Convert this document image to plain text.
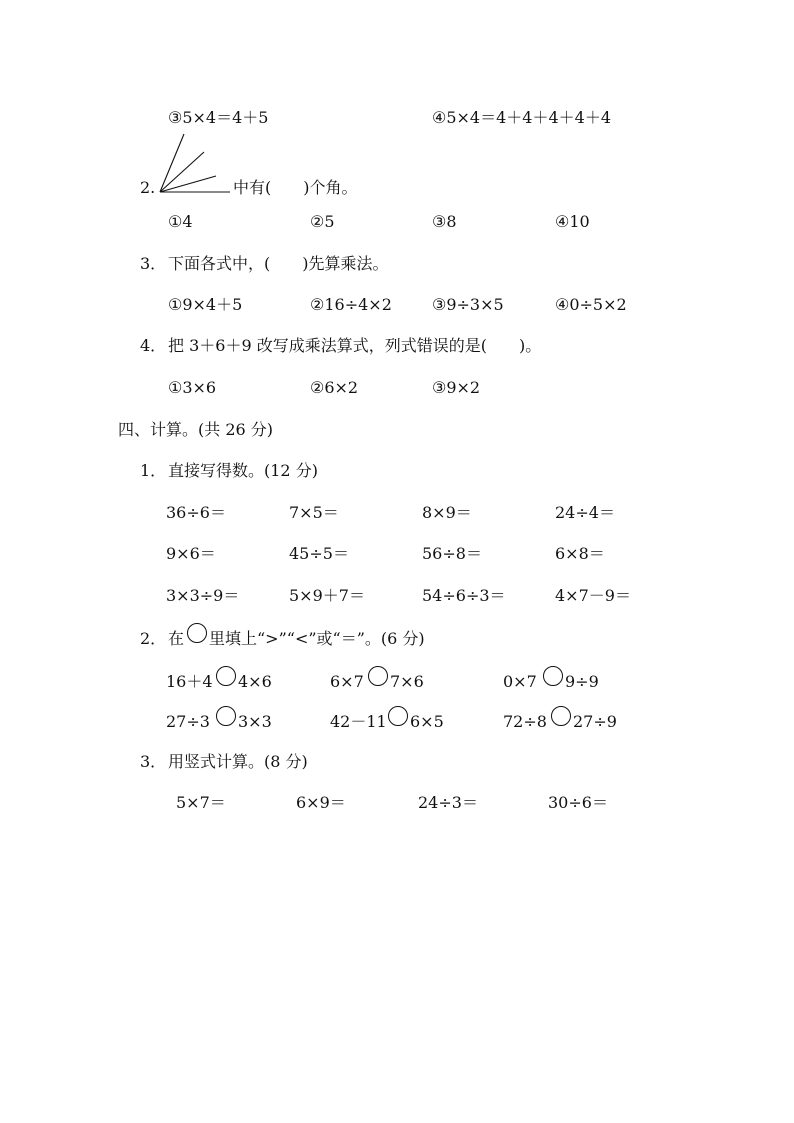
③5×4＝4＋5	④5×4＝4＋4＋4＋4＋4
2.	中有(　　)个角。
①4	②5	③8	④10
3． 下面各式中，(　　)先算乘法。
①9×4＋5	②16÷4×2	③9÷3×5	④0÷5×2
4． 把 3＋6＋9 改写成乘法算式，列式错误的是(　　)。
①3×6	②6×2	③9×2
四、计算。(共 26 分)
1． 直接写得数。(12 分)
36÷6＝	7×5＝	8×9＝	24÷4＝
9×6＝	45÷5＝	56÷8＝	6×8＝
3×3÷9＝	5×9＋7＝	54÷6÷3＝	4×7－9＝
2． 在 里填上“>”“<”或“＝”。(6 分)
16＋4 4×6	6×7 7×6	0×7 9÷9
27÷3 3×3	42－11 6×5	72÷8 27÷9
3． 用竖式计算。(8 分)
5×7＝	6×9＝	24÷3＝	30÷6＝
